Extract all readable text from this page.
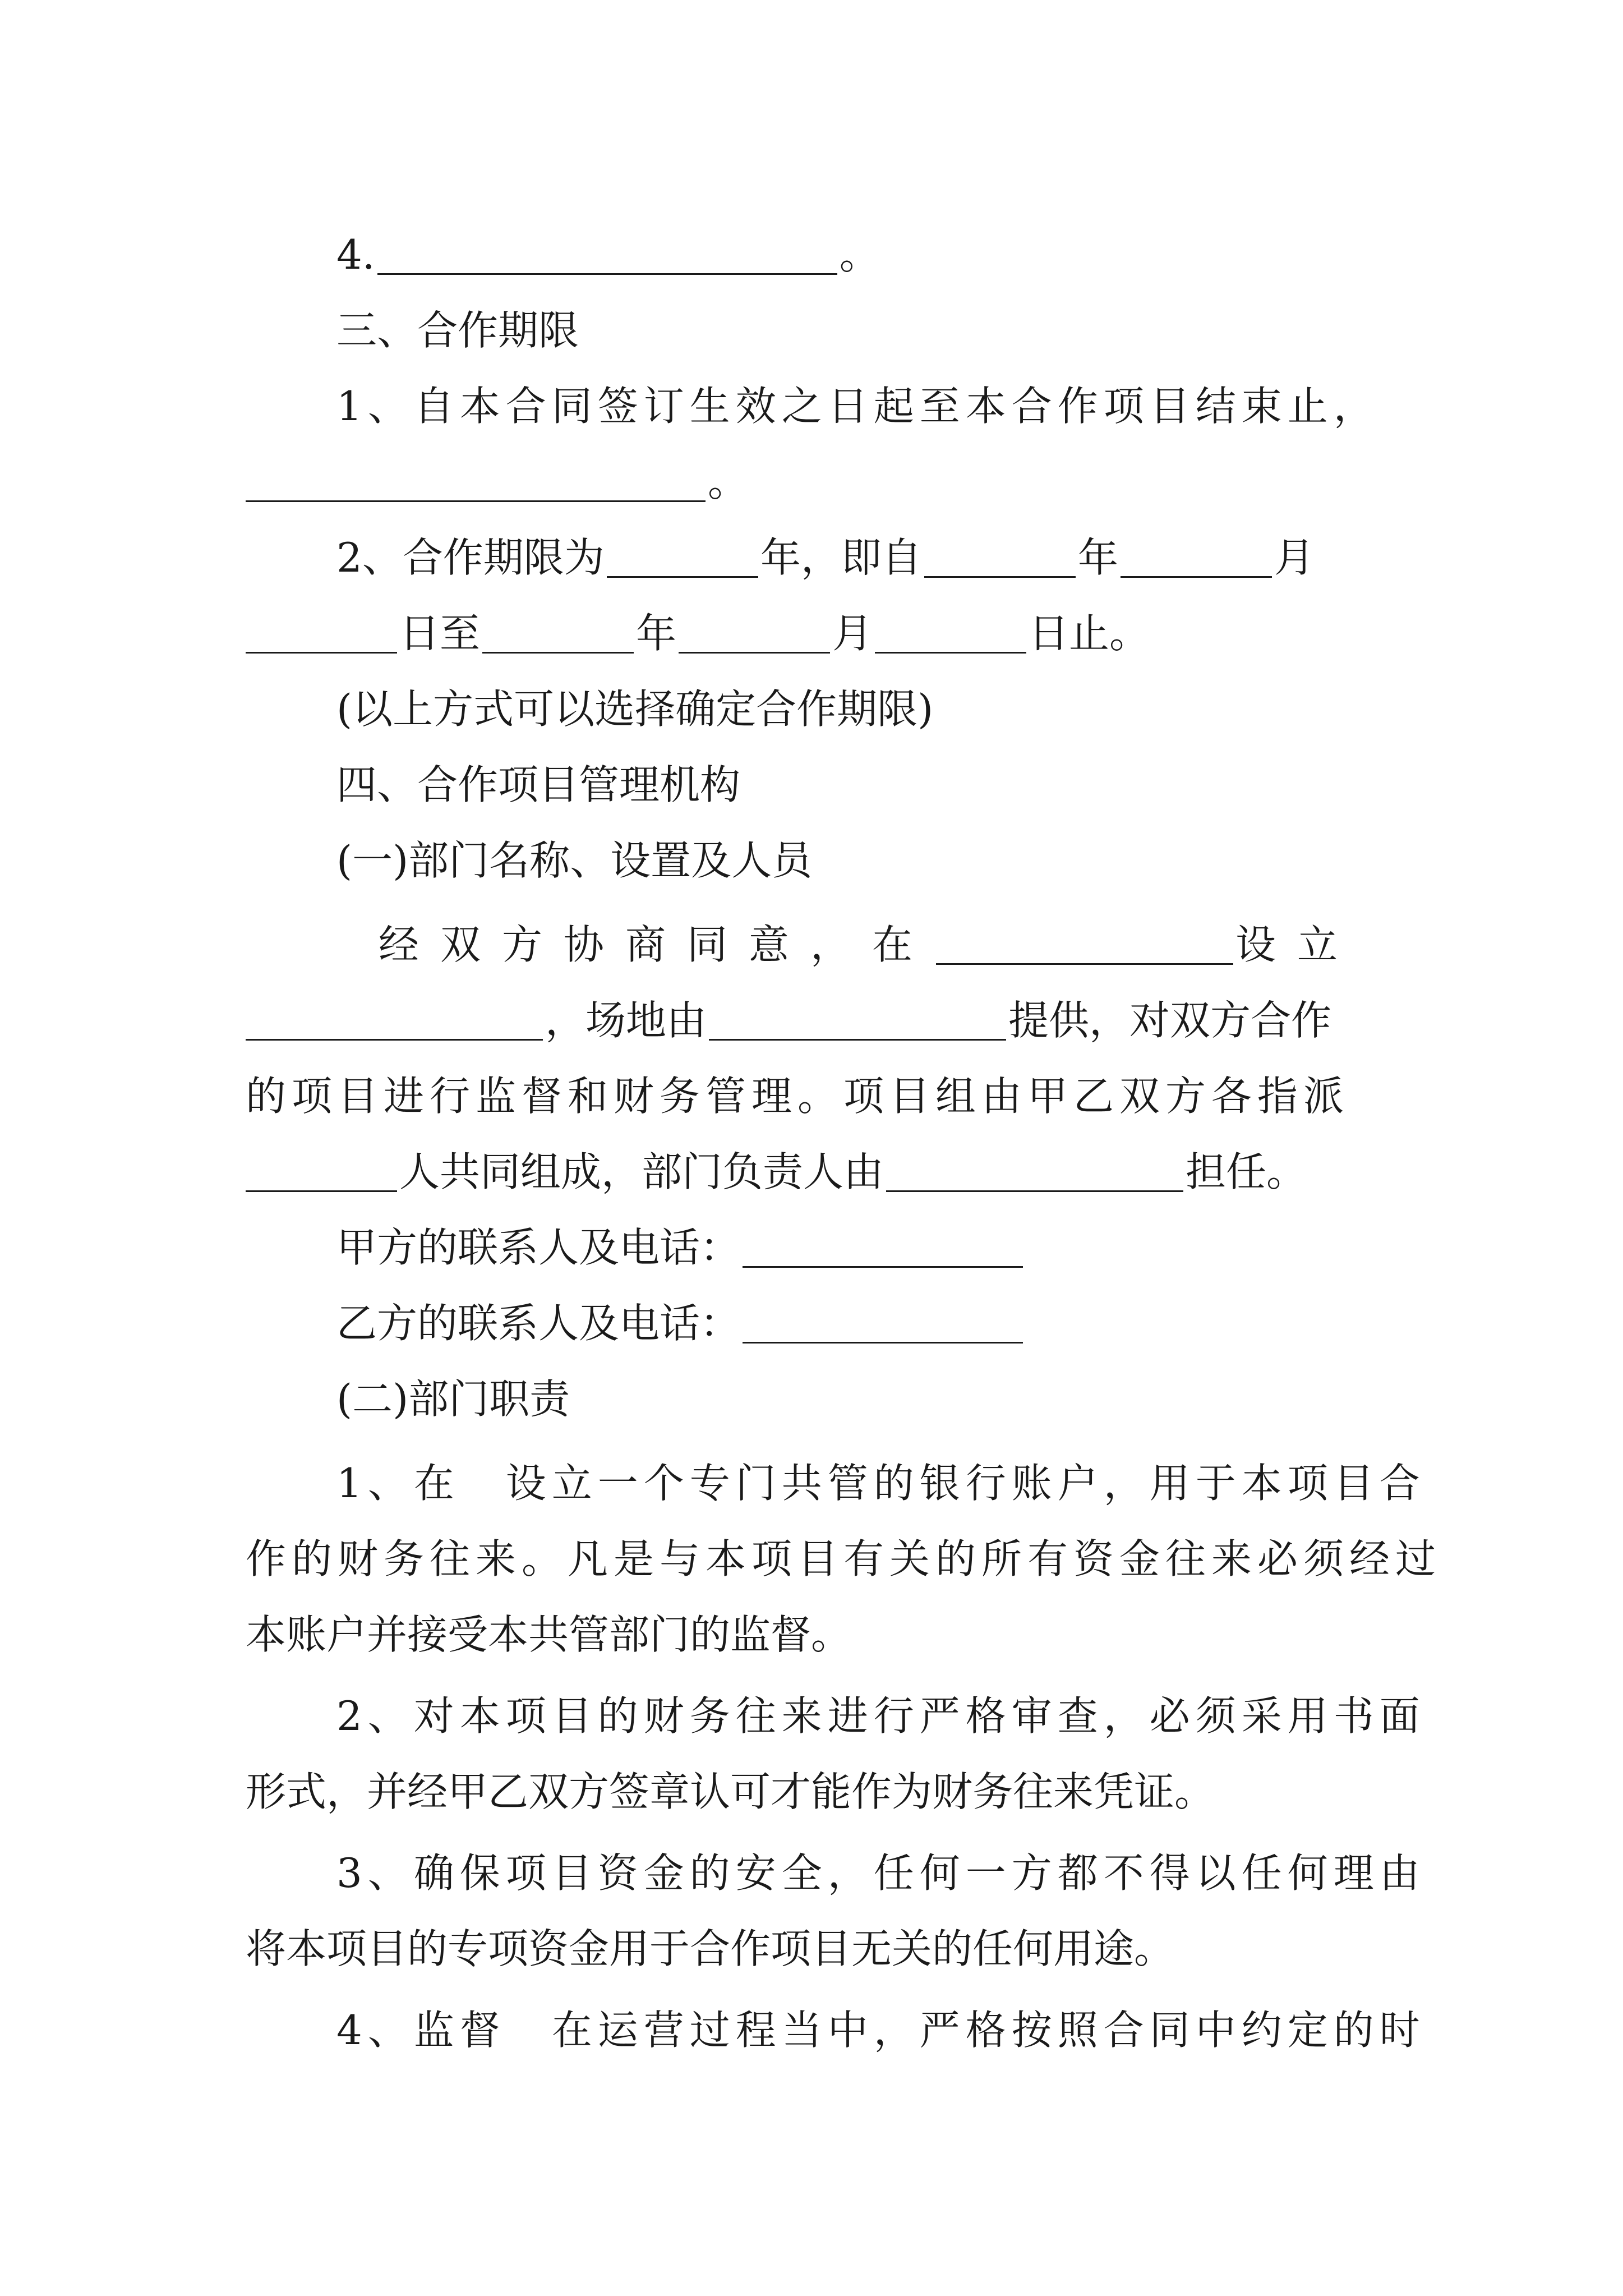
4.	。
三、合作期限
1、自本合同签订生效之日起至本合作项目结束止，
。
2、合作期限为	年，即自	年	月
日至	年	月	日止。
(以上方式可以选择确定合作期限)
四、合作项目管理机构
(一)部门名称、设置及人员
经双方协商同意，在	设立
，场地由	提供，对双方合作
的项目进行监督和财务管理。项目组由甲乙双方各指派
人共同组成，部门负责人由	担任。
甲方的联系人及电话：
乙方的联系人及电话：
(二)部门职责
1、在　设立一个专门共管的银行账户，用于本项目合
作的财务往来。凡是与本项目有关的所有资金往来必须经过
本账户并接受本共管部门的监督。
2、对本项目的财务往来进行严格审查，必须采用书面
形式，并经甲乙双方签章认可才能作为财务往来凭证。
3、确保项目资金的安全，任何一方都不得以任何理由
将本项目的专项资金用于合作项目无关的任何用途。
4、监督　在运营过程当中，严格按照合同中约定的时
